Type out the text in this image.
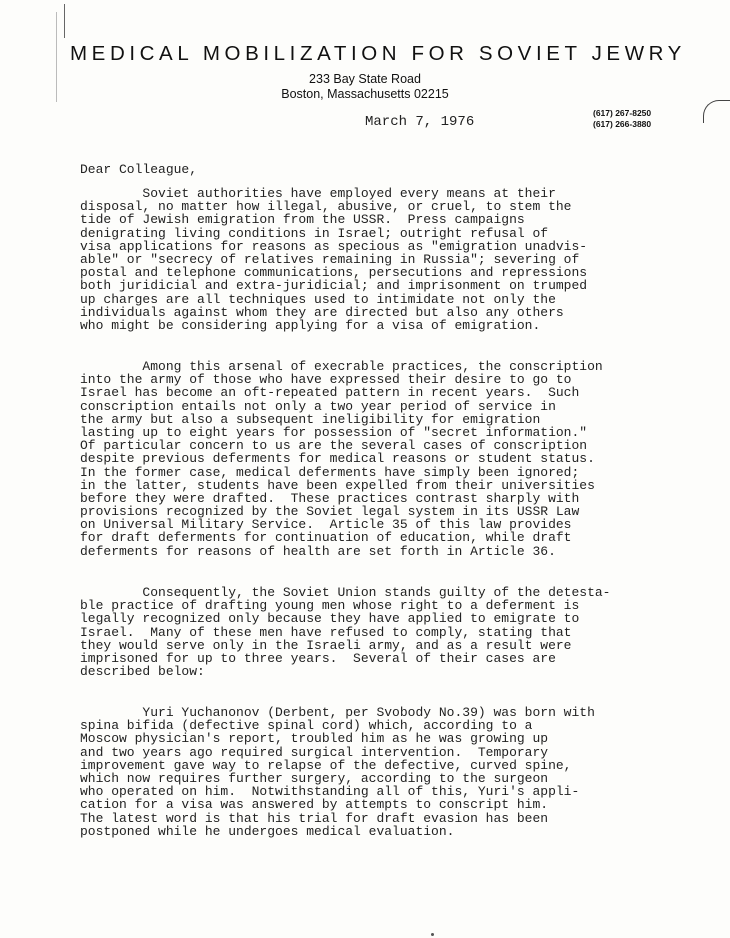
MEDICAL MOBILIZATION FOR SOVIET JEWRY
233 Bay State Road
Boston, Massachusetts 02215
(617) 267-8250
(617) 266-3880
March 7, 1976
Dear Colleague,
Soviet authorities have employed every means at their
disposal, no matter how illegal, abusive, or cruel, to stem the
tide of Jewish emigration from the USSR.  Press campaigns
denigrating living conditions in Israel; outright refusal of
visa applications for reasons as specious as "emigration unadvis-
able" or "secrecy of relatives remaining in Russia"; severing of
postal and telephone communications, persecutions and repressions
both juridicial and extra-juridicial; and imprisonment on trumped
up charges are all techniques used to intimidate not only the
individuals against whom they are directed but also any others
who might be considering applying for a visa of emigration.
Among this arsenal of execrable practices, the conscription
into the army of those who have expressed their desire to go to
Israel has become an oft-repeated pattern in recent years.  Such
conscription entails not only a two year period of service in
the army but also a subsequent ineligibility for emigration
lasting up to eight years for possession of "secret information."
Of particular concern to us are the several cases of conscription
despite previous deferments for medical reasons or student status.
In the former case, medical deferments have simply been ignored;
in the latter, students have been expelled from their universities
before they were drafted.  These practices contrast sharply with
provisions recognized by the Soviet legal system in its USSR Law
on Universal Military Service.  Article 35 of this law provides
for draft deferments for continuation of education, while draft
deferments for reasons of health are set forth in Article 36.
Consequently, the Soviet Union stands guilty of the detesta-
ble practice of drafting young men whose right to a deferment is
legally recognized only because they have applied to emigrate to
Israel.  Many of these men have refused to comply, stating that
they would serve only in the Israeli army, and as a result were
imprisoned for up to three years.  Several of their cases are
described below:
Yuri Yuchanonov (Derbent, per Svobody No.39) was born with
spina bifida (defective spinal cord) which, according to a
Moscow physician's report, troubled him as he was growing up
and two years ago required surgical intervention.  Temporary
improvement gave way to relapse of the defective, curved spine,
which now requires further surgery, according to the surgeon
who operated on him.  Notwithstanding all of this, Yuri's appli-
cation for a visa was answered by attempts to conscript him.
The latest word is that his trial for draft evasion has been
postponed while he undergoes medical evaluation.
